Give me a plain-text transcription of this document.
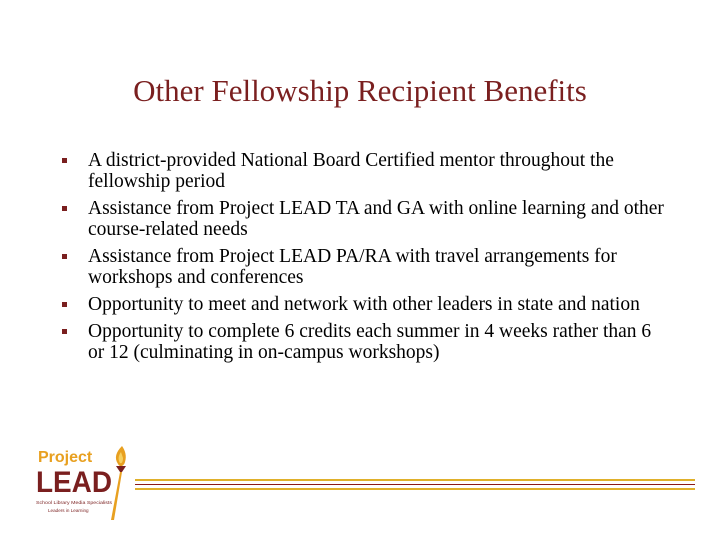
Other Fellowship Recipient Benefits
A district-provided National Board Certified mentor throughout the fellowship period
Assistance from Project LEAD TA and GA with online learning and other course-related needs
Assistance from Project LEAD PA/RA with travel arrangements for workshops and conferences
Opportunity to meet and network with other leaders in state and nation
Opportunity to complete 6 credits each summer in 4 weeks rather than 6 or 12 (culminating in on-campus workshops)
Project
LEAD
School Library Media Specialists
Leaders in Learning
